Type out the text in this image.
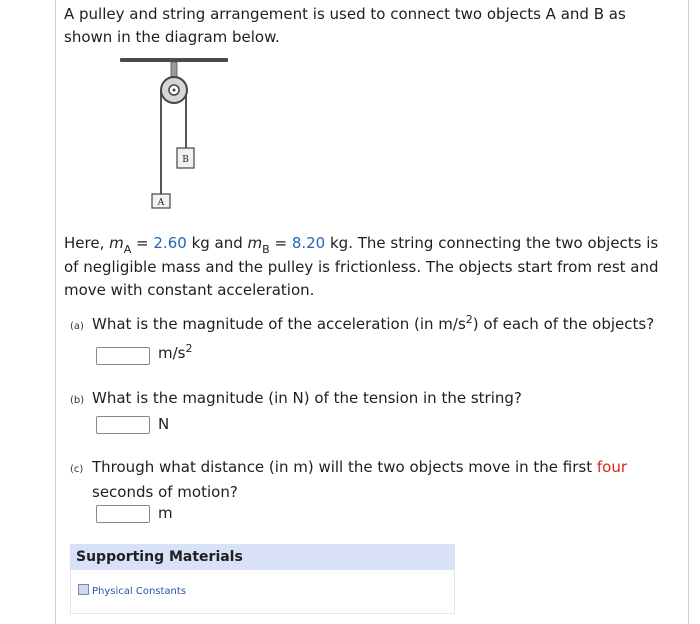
A pulley and string arrangement is used to connect two objects A and B as
shown in the diagram below.

B
A

Here, $m_A = 2.60$ kg and $m_B = 8.20$ kg. The string connecting the two objects is
of negligible mass and the pulley is frictionless. The objects start from rest and
move with constant acceleration.

(a) What is the magnitude of the acceleration (in $m/s^2$) of each of the objects?
$m/s^2$
(b) What is the magnitude (in N) of the tension in the string?
N
(c) Through what distance (in m) will the two objects move in the first four
seconds of motion?
m
Supporting Materials
Physical Constants
